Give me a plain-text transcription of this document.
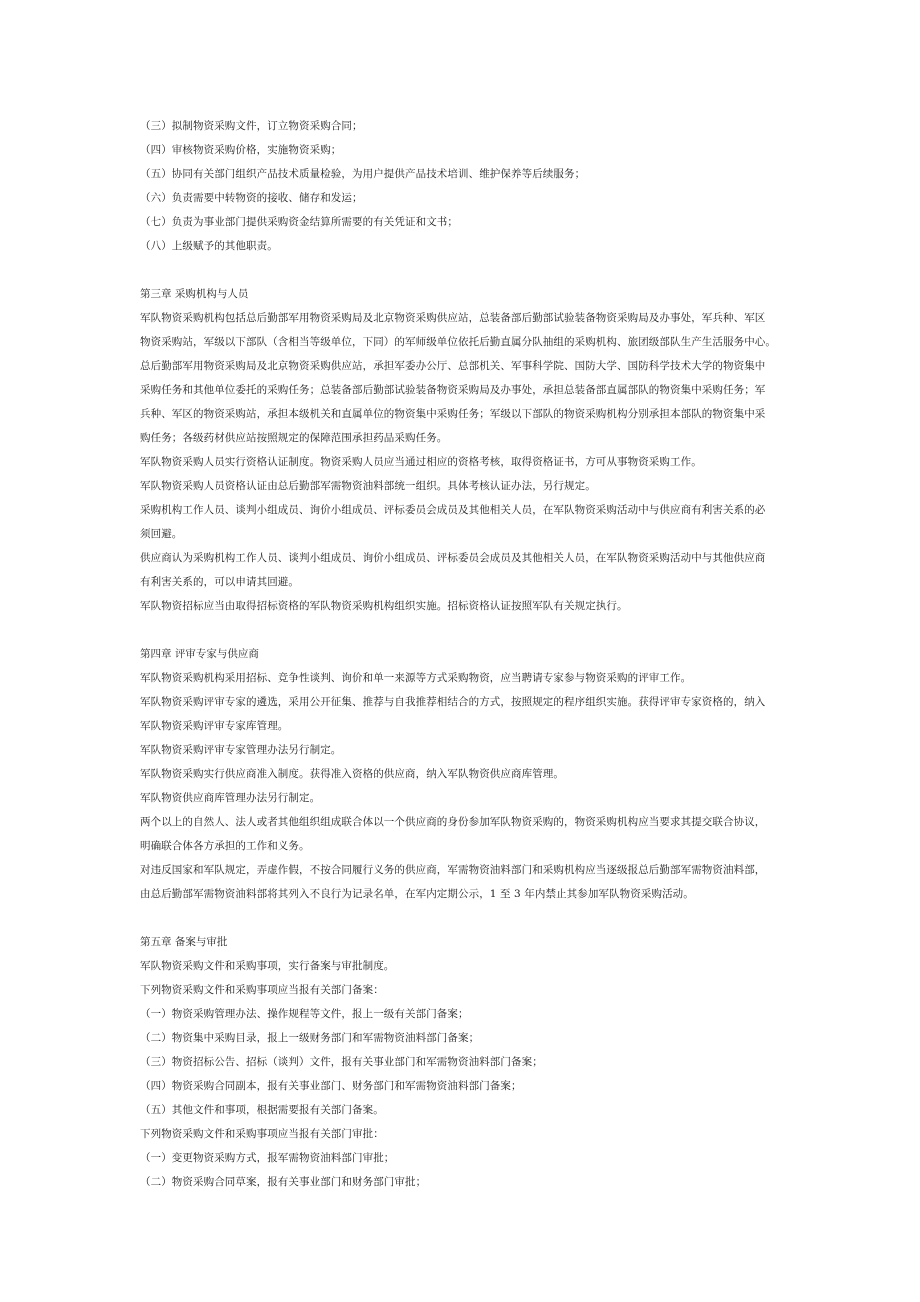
（三）拟制物资采购文件，订立物资采购合同；
（四）审核物资采购价格，实施物资采购；
（五）协同有关部门组织产品技术质量检验，为用户提供产品技术培训、维护保养等后续服务；
（六）负责需要中转物资的接收、储存和发运；
（七）负责为事业部门提供采购资金结算所需要的有关凭证和文书；
（八）上级赋予的其他职责。
第三章 采购机构与人员
军队物资采购机构包括总后勤部军用物资采购局及北京物资采购供应站，总装备部后勤部试验装备物资采购局及办事处，军兵种、军区
物资采购站，军级以下部队（含相当等级单位，下同）的军师级单位依托后勤直属分队抽组的采购机构、旅团级部队生产生活服务中心。
总后勤部军用物资采购局及北京物资采购供应站，承担军委办公厅、总部机关、军事科学院、国防大学、国防科学技术大学的物资集中
采购任务和其他单位委托的采购任务；总装备部后勤部试验装备物资采购局及办事处，承担总装备部直属部队的物资集中采购任务；军
兵种、军区的物资采购站，承担本级机关和直属单位的物资集中采购任务；军级以下部队的物资采购机构分别承担本部队的物资集中采
购任务；各级药材供应站按照规定的保障范围承担药品采购任务。
军队物资采购人员实行资格认证制度。物资采购人员应当通过相应的资格考核，取得资格证书，方可从事物资采购工作。
军队物资采购人员资格认证由总后勤部军需物资油料部统一组织。具体考核认证办法，另行规定。
采购机构工作人员、谈判小组成员、询价小组成员、评标委员会成员及其他相关人员，在军队物资采购活动中与供应商有利害关系的必
须回避。
供应商认为采购机构工作人员、谈判小组成员、询价小组成员、评标委员会成员及其他相关人员，在军队物资采购活动中与其他供应商
有利害关系的，可以申请其回避。
军队物资招标应当由取得招标资格的军队物资采购机构组织实施。招标资格认证按照军队有关规定执行。
第四章 评审专家与供应商
军队物资采购机构采用招标、竞争性谈判、询价和单一来源等方式采购物资，应当聘请专家参与物资采购的评审工作。
军队物资采购评审专家的遴选，采用公开征集、推荐与自我推荐相结合的方式，按照规定的程序组织实施。获得评审专家资格的，纳入
军队物资采购评审专家库管理。
军队物资采购评审专家管理办法另行制定。
军队物资采购实行供应商准入制度。获得准入资格的供应商，纳入军队物资供应商库管理。
军队物资供应商库管理办法另行制定。
两个以上的自然人、法人或者其他组织组成联合体以一个供应商的身份参加军队物资采购的，物资采购机构应当要求其提交联合协议，
明确联合体各方承担的工作和义务。
对违反国家和军队规定，弄虚作假，不按合同履行义务的供应商，军需物资油料部门和采购机构应当逐级报总后勤部军需物资油料部，
由总后勤部军需物资油料部将其列入不良行为记录名单，在军内定期公示，1 至 3 年内禁止其参加军队物资采购活动。
第五章 备案与审批
军队物资采购文件和采购事项，实行备案与审批制度。
下列物资采购文件和采购事项应当报有关部门备案：
（一）物资采购管理办法、操作规程等文件，报上一级有关部门备案；
（二）物资集中采购目录，报上一级财务部门和军需物资油料部门备案；
（三）物资招标公告、招标（谈判）文件，报有关事业部门和军需物资油料部门备案；
（四）物资采购合同副本，报有关事业部门、财务部门和军需物资油料部门备案；
（五）其他文件和事项，根据需要报有关部门备案。
下列物资采购文件和采购事项应当报有关部门审批：
（一）变更物资采购方式，报军需物资油料部门审批；
（二）物资采购合同草案，报有关事业部门和财务部门审批；
